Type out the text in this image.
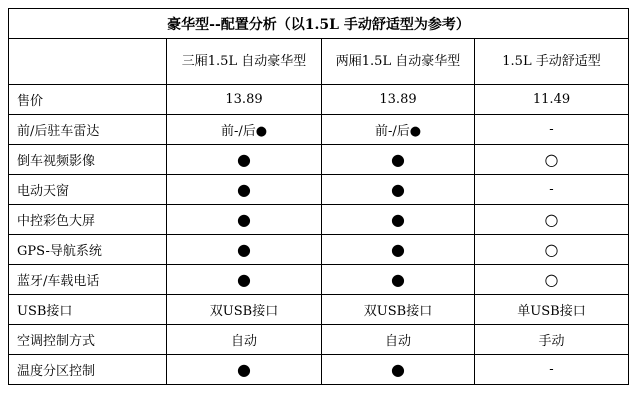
豪华型--配置分析（以1.5L 手动舒适型为参考）			
	三厢1.5L 自动豪华型	两厢1.5L 自动豪华型	1.5L 手动舒适型
售价	13.89	13.89	11.49
前/后驻车雷达	前-/后●	前-/后●	-
倒车视频影像	●	●	○
电动天窗	●	●	-
中控彩色大屏	●	●	○
GPS-导航系统	●	●	○
蓝牙/车载电话	●	●	○
USB接口	双USB接口	双USB接口	单USB接口
空调控制方式	自动	自动	手动
温度分区控制	●	●	-
